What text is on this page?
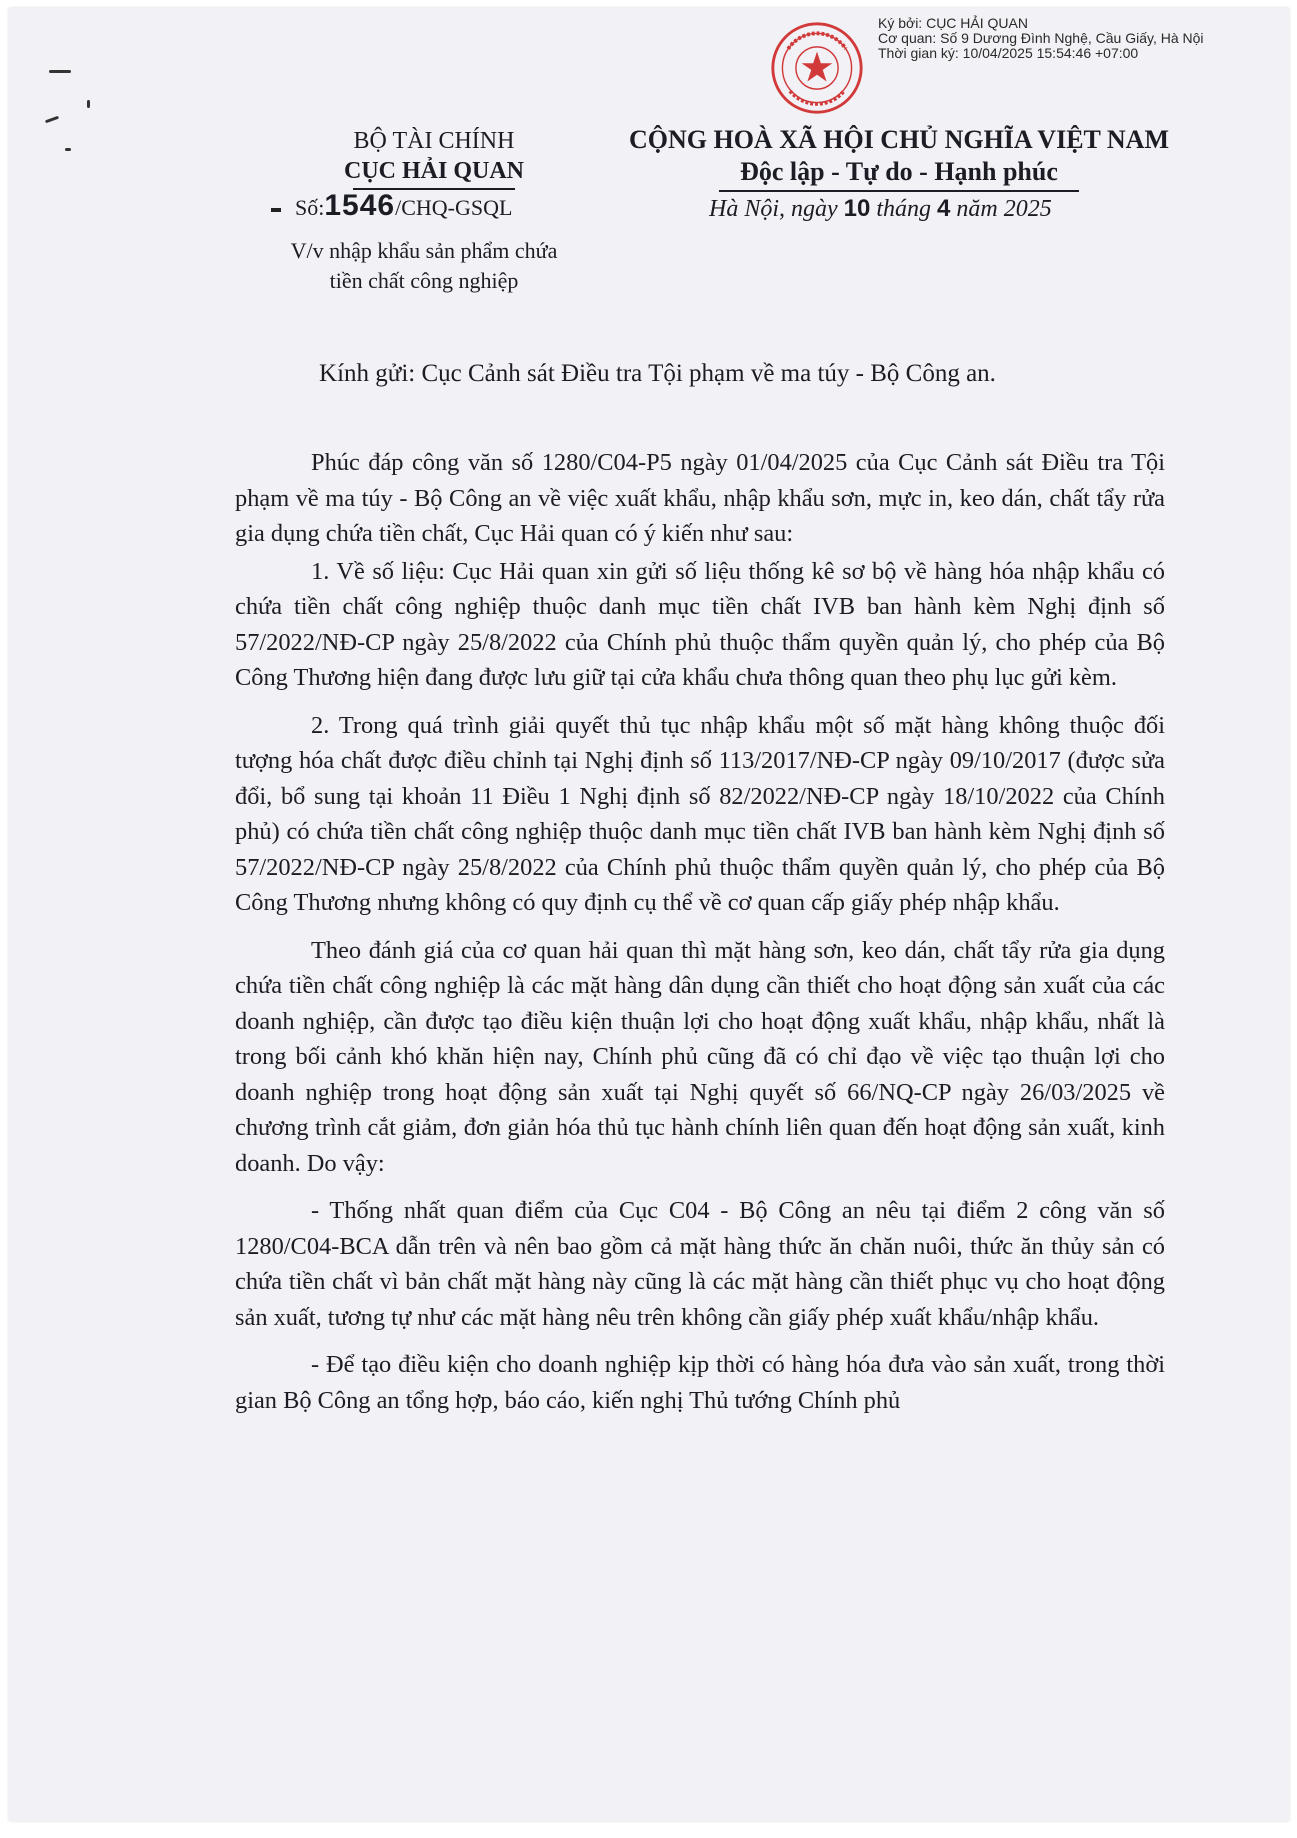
Ký bởi: CỤC HẢI QUAN
Cơ quan: Số 9 Dương Đình Nghệ, Cầu Giấy, Hà Nội
Thời gian ký: 10/04/2025 15:54:46 +07:00
BỘ TÀI CHÍNH
CỤC HẢI QUAN
Số:1546/CHQ-GSQL
V/v nhập khẩu sản phẩm chứa
tiền chất công nghiệp
CỘNG HOÀ XÃ HỘI CHỦ NGHĨA VIỆT NAM
Độc lập - Tự do - Hạnh phúc
Hà Nội, ngày 10 tháng 4 năm 2025
Kính gửi: Cục Cảnh sát Điều tra Tội phạm về ma túy - Bộ Công an.

Phúc đáp công văn số 1280/C04-P5 ngày 01/04/2025 của Cục Cảnh sát Điều tra Tội phạm về ma túy - Bộ Công an về việc xuất khẩu, nhập khẩu sơn, mực in, keo dán, chất tẩy rửa gia dụng chứa tiền chất, Cục Hải quan có ý kiến như sau:

1. Về số liệu: Cục Hải quan xin gửi số liệu thống kê sơ bộ về hàng hóa nhập khẩu có chứa tiền chất công nghiệp thuộc danh mục tiền chất IVB ban hành kèm Nghị định số 57/2022/NĐ-CP ngày 25/8/2022 của Chính phủ thuộc thẩm quyền quản lý, cho phép của Bộ Công Thương hiện đang được lưu giữ tại cửa khẩu chưa thông quan theo phụ lục gửi kèm.

2. Trong quá trình giải quyết thủ tục nhập khẩu một số mặt hàng không thuộc đối tượng hóa chất được điều chỉnh tại Nghị định số 113/2017/NĐ-CP ngày 09/10/2017 (được sửa đổi, bổ sung tại khoản 11 Điều 1 Nghị định số 82/2022/NĐ-CP ngày 18/10/2022 của Chính phủ) có chứa tiền chất công nghiệp thuộc danh mục tiền chất IVB ban hành kèm Nghị định số 57/2022/NĐ-CP ngày 25/8/2022 của Chính phủ thuộc thẩm quyền quản lý, cho phép của Bộ Công Thương nhưng không có quy định cụ thể về cơ quan cấp giấy phép nhập khẩu.

Theo đánh giá của cơ quan hải quan thì mặt hàng sơn, keo dán, chất tẩy rửa gia dụng chứa tiền chất công nghiệp là các mặt hàng dân dụng cần thiết cho hoạt động sản xuất của các doanh nghiệp, cần được tạo điều kiện thuận lợi cho hoạt động xuất khẩu, nhập khẩu, nhất là trong bối cảnh khó khăn hiện nay, Chính phủ cũng đã có chỉ đạo về việc tạo thuận lợi cho doanh nghiệp trong hoạt động sản xuất tại Nghị quyết số 66/NQ-CP ngày 26/03/2025 về chương trình cắt giảm, đơn giản hóa thủ tục hành chính liên quan đến hoạt động sản xuất, kinh doanh. Do vậy:

- Thống nhất quan điểm của Cục C04 - Bộ Công an nêu tại điểm 2 công văn số 1280/C04-BCA dẫn trên và nên bao gồm cả mặt hàng thức ăn chăn nuôi, thức ăn thủy sản có chứa tiền chất vì bản chất mặt hàng này cũng là các mặt hàng cần thiết phục vụ cho hoạt động sản xuất, tương tự như các mặt hàng nêu trên không cần giấy phép xuất khẩu/nhập khẩu.

- Để tạo điều kiện cho doanh nghiệp kịp thời có hàng hóa đưa vào sản xuất, trong thời gian Bộ Công an tổng hợp, báo cáo, kiến nghị Thủ tướng Chính phủ
